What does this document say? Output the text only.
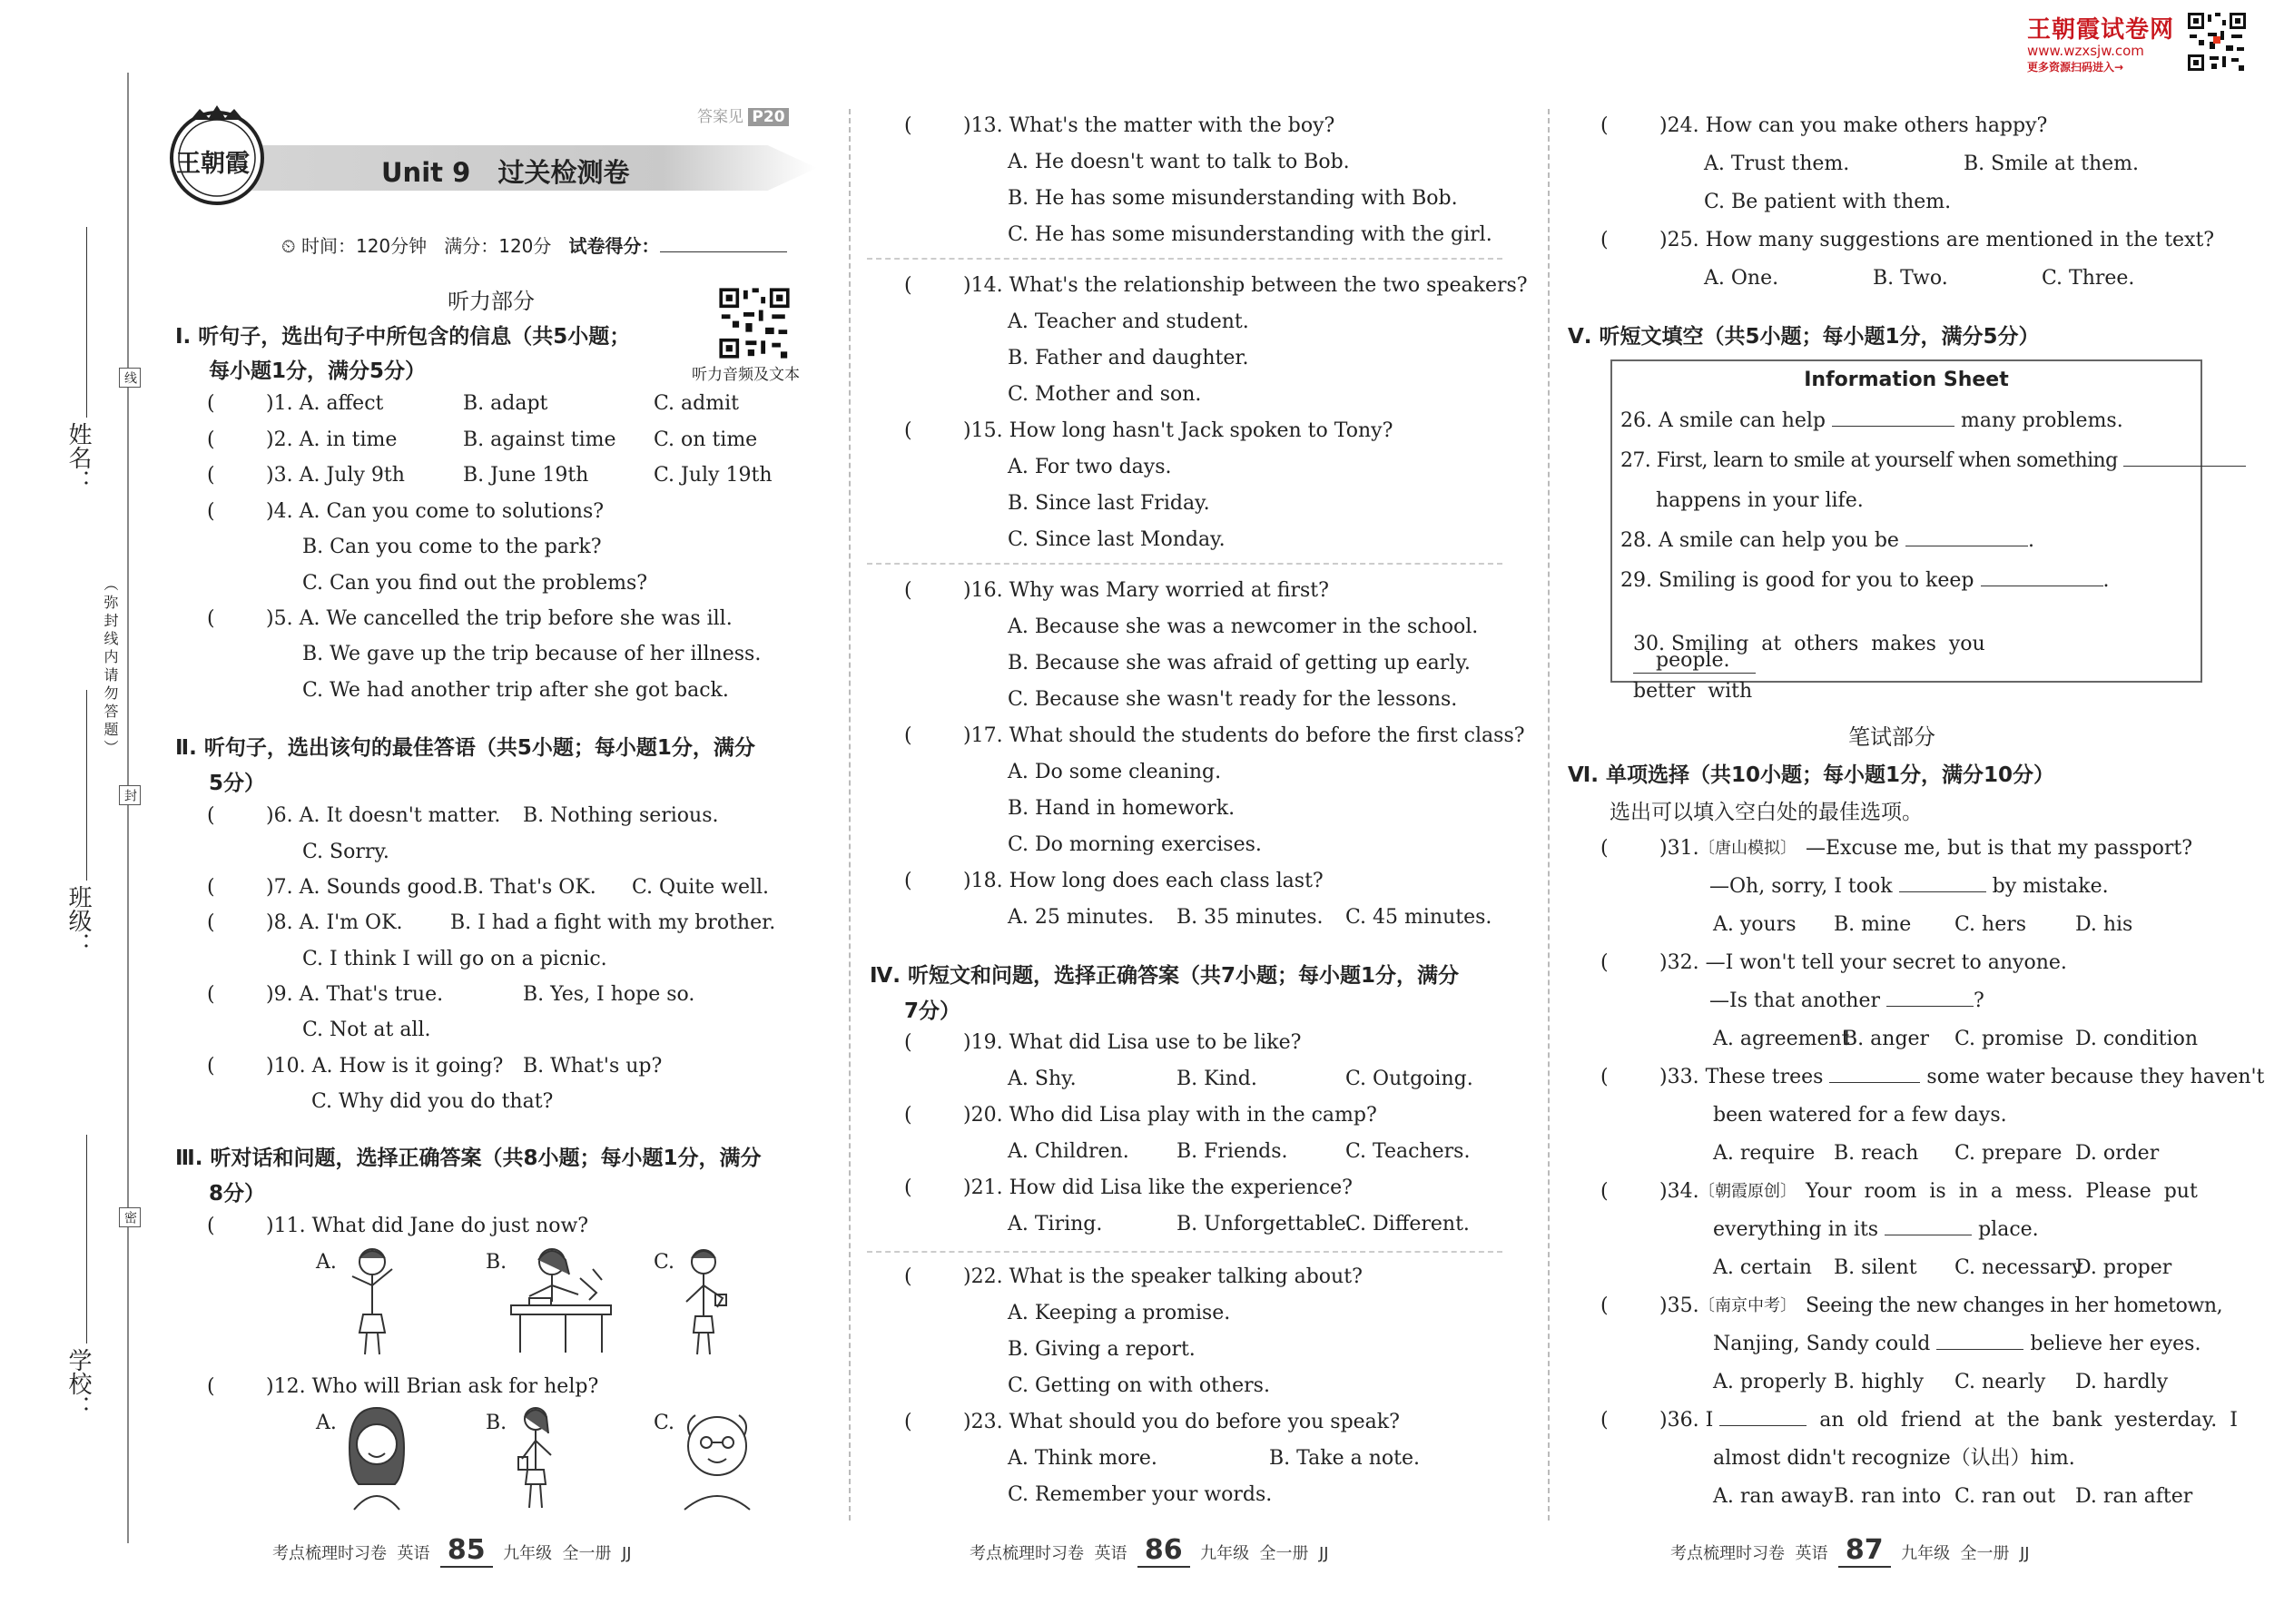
王朝霞试卷网
www.wzxsjw.com
更多资源扫码进入→
姓名：
班级：
学校：
（弥封线内请勿答题）
线
封
密
答案见 P20
王朝霞	Unit 9   过关检测卷
⏲ 时间：120分钟 满分：120分 试卷得分：
听力部分
听力音频及文本
Ⅰ. 听句子，选出句子中所包含的信息（共5小题；
每小题1分，满分5分）
(	)1. A. affect	B. adapt	C. admit
(	)2. A. in time	B. against time C. on time
(	)3. A. July 9th	B. June 19th	C. July 19th
(	)4. A. Can you come to solutions?
B. Can you come to the park?
C. Can you find out the problems?
(	)5. A. We cancelled the trip before she was ill.
B. We gave up the trip because of her illness.
C. We had another trip after she got back.
Ⅱ. 听句子，选出该句的最佳答语（共5小题；每小题1分，满分
5分）
(	)6. A. It doesn't matter. B. Nothing serious.
C. Sorry.
(	)7. A. Sounds good. B. That's OK. C. Quite well.
(	)8. A. I'm OK. B. I had a fight with my brother.
C. I think I will go on a picnic.
(	)9. A. That's true.	B. Yes, I hope so.
C. Not at all.
(	)10. A. How is it going? B. What's up?
C. Why did you do that?
Ⅲ. 听对话和问题，选择正确答案（共8小题；每小题1分，满分
8分）
(	)11. What did Jane do just now?
A.	B.	C.
(	)12. Who will Brian ask for help?
A.	B.	C.
(	)13. What's the matter with the boy?
A. He doesn't want to talk to Bob.
B. He has some misunderstanding with Bob.
C. He has some misunderstanding with the girl.
(	)14. What's the relationship between the two speakers?
A. Teacher and student.
B. Father and daughter.
C. Mother and son.
(	)15. How long hasn't Jack spoken to Tony?
A. For two days.
B. Since last Friday.
C. Since last Monday.
(	)16. Why was Mary worried at first?
A. Because she was a newcomer in the school.
B. Because she was afraid of getting up early.
C. Because she wasn't ready for the lessons.
(	)17. What should the students do before the first class?
A. Do some cleaning.
B. Hand in homework.
C. Do morning exercises.
(	)18. How long does each class last?
A. 25 minutes. B. 35 minutes. C. 45 minutes.
Ⅳ. 听短文和问题，选择正确答案（共7小题；每小题1分，满分
7分）
(	)19. What did Lisa use to be like?
A. Shy.	B. Kind.	C. Outgoing.
(	)20. Who did Lisa play with in the camp?
A. Children. B. Friends.	C. Teachers.
(	)21. How did Lisa like the experience?
A. Tiring.	B. Unforgettable.
C. Different.
(	)22. What is the speaker talking about?
A. Keeping a promise.
B. Giving a report.
C. Getting on with others.
(	)23. What should you do before you speak?
A. Think more.	B. Take a note.
C. Remember your words.
(	)24. How can you make others happy?
A. Trust them.	B. Smile at them.
C. Be patient with them.
(	)25. How many suggestions are mentioned in the text?
A. One.	B. Two.	C. Three.
Ⅴ. 听短文填空（共5小题；每小题1分，满分5分）
Information Sheet
26. A smile can help	many problems.
27. First, learn to smile at yourself when something
happens in your life.
28. A smile can help you be	.
29. Smiling is good for you to keep	.

30. Smiling  at  others  makes  you

better  with

people.
笔试部分
Ⅵ. 单项选择（共10小题；每小题1分，满分10分）
选出可以填入空白处的最佳选项。
(	)31. 〔唐山模拟〕 —Excuse me, but is that my passport?
—Oh, sorry, I took	by mistake.
A. yours B. mine C. hers D. his
(	)32. —I won't tell your secret to anyone.
—Is that another	?
A. agreement
B. anger C. promise D. condition
(	)33. These trees	some water because they haven't
been watered for a few days.
A. require B. reach C. prepare D. order
(	)34. 〔朝霞原创〕 Your  room  is  in  a  mess.  Please  put
everything in its	place.
A. certain B. silent C. necessary
D. proper
(	)35. 〔南京中考〕 Seeing the new changes in her hometown,
Nanjing, Sandy could	believe her eyes.
A. properly B. highly C. nearly D. hardly
(	)36. I	an  old  friend  at  the  bank  yesterday.  I
almost didn't recognize（认出）him.
A. ran away B. ran into C. ran out D. ran after
考点梳理时习卷  英语 85 九年级  全一册  JJ	考点梳理时习卷  英语 86 九年级  全一册  JJ	考点梳理时习卷  英语 87 九年级  全一册  JJ
